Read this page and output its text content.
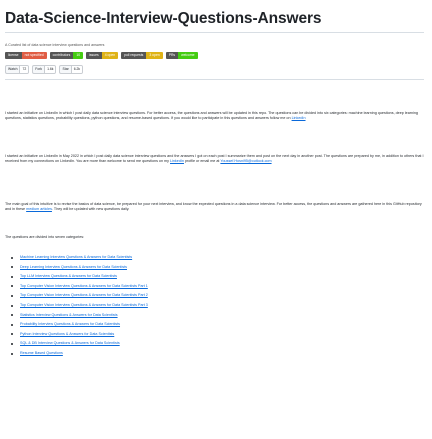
Data-Science-Interview-Questions-Answers
A Curated list of data science interview questions and answers
license	not specified	contributors	10	issues	4 open	pull requests	3 open	PRs	welcome
Watch	72	Fork	1.6k	Star	6.2k

I started an initiative on LinkedIn in which I post daily data science interview questions. For better access, the questions and answers will be updated in this repo. The questions can be divided into six categories: machine learning questions, deep learning questions, statistics questions, probability questions, python questions, and resume-based questions. If you would like to participate in this questions and answers follow me on LinkedIn

I started an initiative on LinkedIn in May 2022 in which I post daily data science interview questions and the answers I got on each post I summarize them and post on the next day in another post. The questions are prepared by me, in addition to others that I received from my connections on LinkedIn. You are more than welcome to send me questions on my LinkedIn profile or email me at Youssef.Hosni95@outlook.com

The main goal of this intuitive is to revise the basics of data science, be prepared for your next interview, and know the expected questions in a data science interview. For better access, the questions and answers are gathered here in this GitHub repository and in these medium articles. They will be updated with new questions daily.

The questions are divided into seven categories:

Machine Learning Interview Questions & Answers for Data Scientists
Deep Learning Interview Questions & Answers for Data Scientists
Top LLM Interview Questions & Answers for Data Scientists
Top Computer Vision Interview Questions & Answers for Data Scientists Part 1
Top Computer Vision Interview Questions & Answers for Data Scientists Part 2
Top Computer Vision Interview Questions & Answers for Data Scientists Part 3
Statistics Interview Questions & Answers for Data Scientists
Probability Interview Questions & Answers for Data Scientists
Python Interview Questions & Answers for Data Scientists
SQL & DB Interview Questions & Answers for Data Scientists
Resume Based Questions
